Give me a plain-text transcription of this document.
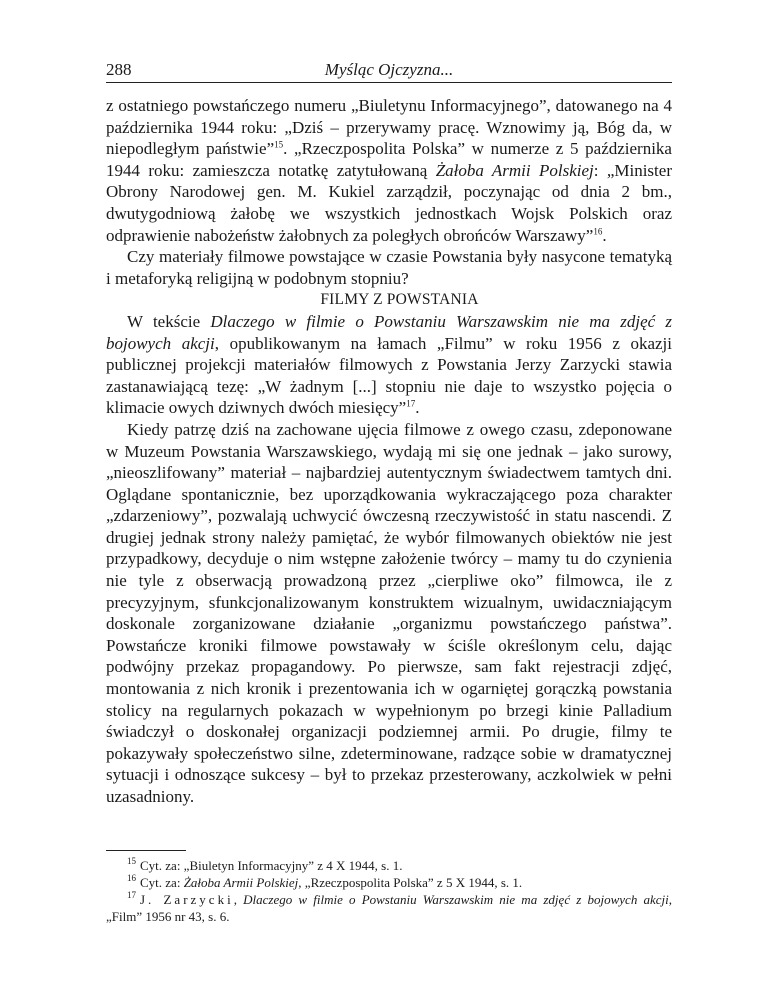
288	Myśląc Ojczyzna...

z ostatniego powstańczego numeru „Biuletynu Informacyjnego”, datowanego na 4 października 1944 roku: „Dziś – przerywamy pracę. Wznowimy ją, Bóg da, w niepodległym państwie”$^{15}$. „Rzeczpospolita Polska” w numerze z 5 października 1944 roku: zamieszcza notatkę zatytułowaną Żałoba Armii Polskiej: „Minister Obrony Narodowej gen. M. Kukiel zarządził, poczynając od dnia 2 bm., dwutygodniową żałobę we wszystkich jednostkach Wojsk Polskich oraz odprawienie nabożeństw żałobnych za poległych obrońców Warszawy”$^{16}$.

Czy materiały filmowe powstające w czasie Powstania były nasycone tematyką i metaforyką religijną w podobnym stopniu?

FILMY Z POWSTANIA

W tekście Dlaczego w filmie o Powstaniu Warszawskim nie ma zdjęć z bojowych akcji, opublikowanym na łamach „Filmu” w roku 1956 z okazji publicznej projekcji materiałów filmowych z Powstania Jerzy Zarzycki stawia zastanawiającą tezę: „W żadnym [...] stopniu nie daje to wszystko pojęcia o klimacie owych dziwnych dwóch miesięcy”$^{17}$.

Kiedy patrzę dziś na zachowane ujęcia filmowe z owego czasu, zdeponowane w Muzeum Powstania Warszawskiego, wydają mi się one jednak – jako surowy, „nieoszlifowany” materiał – najbardziej autentycznym świadectwem tamtych dni. Oglądane spontanicznie, bez uporządkowania wykraczającego poza charakter „zdarzeniowy”, pozwalają uchwycić ówczesną rzeczywistość in statu nascendi. Z drugiej jednak strony należy pamiętać, że wybór filmowanych obiektów nie jest przypadkowy, decyduje o nim wstępne założenie twórcy – mamy tu do czynienia nie tyle z obserwacją prowadzoną przez „cierpliwe oko” filmowca, ile z precyzyjnym, sfunkcjonalizowanym konstruktem wizualnym, uwidaczniającym doskonale zorganizowane działanie „organizmu powstańczego państwa”. Powstańcze kroniki filmowe powstawały w ściśle określonym celu, dając podwójny przekaz propagandowy. Po pierwsze, sam fakt rejestracji zdjęć, montowania z nich kronik i prezentowania ich w ogarniętej gorączką powstania stolicy na regularnych pokazach w wypełnionym po brzegi kinie Palladium świadczył o doskonałej organizacji podziemnej armii. Po drugie, filmy te pokazywały społeczeństwo silne, zdeterminowane, radzące sobie w dramatycznej sytuacji i odnoszące sukcesy – był to przekaz przesterowany, aczkolwiek w pełni uzasadniony.

$^{15}$ Cyt. za: „Biuletyn Informacyjny” z 4 X 1944, s. 1.

$^{16}$ Cyt. za: Żałoba Armii Polskiej, „Rzeczpospolita Polska” z 5 X 1944, s. 1.

$^{17}$ J. Zarzycki, Dlaczego w filmie o Powstaniu Warszawskim nie ma zdjęć z bojowych akcji, „Film” 1956 nr 43, s. 6.
